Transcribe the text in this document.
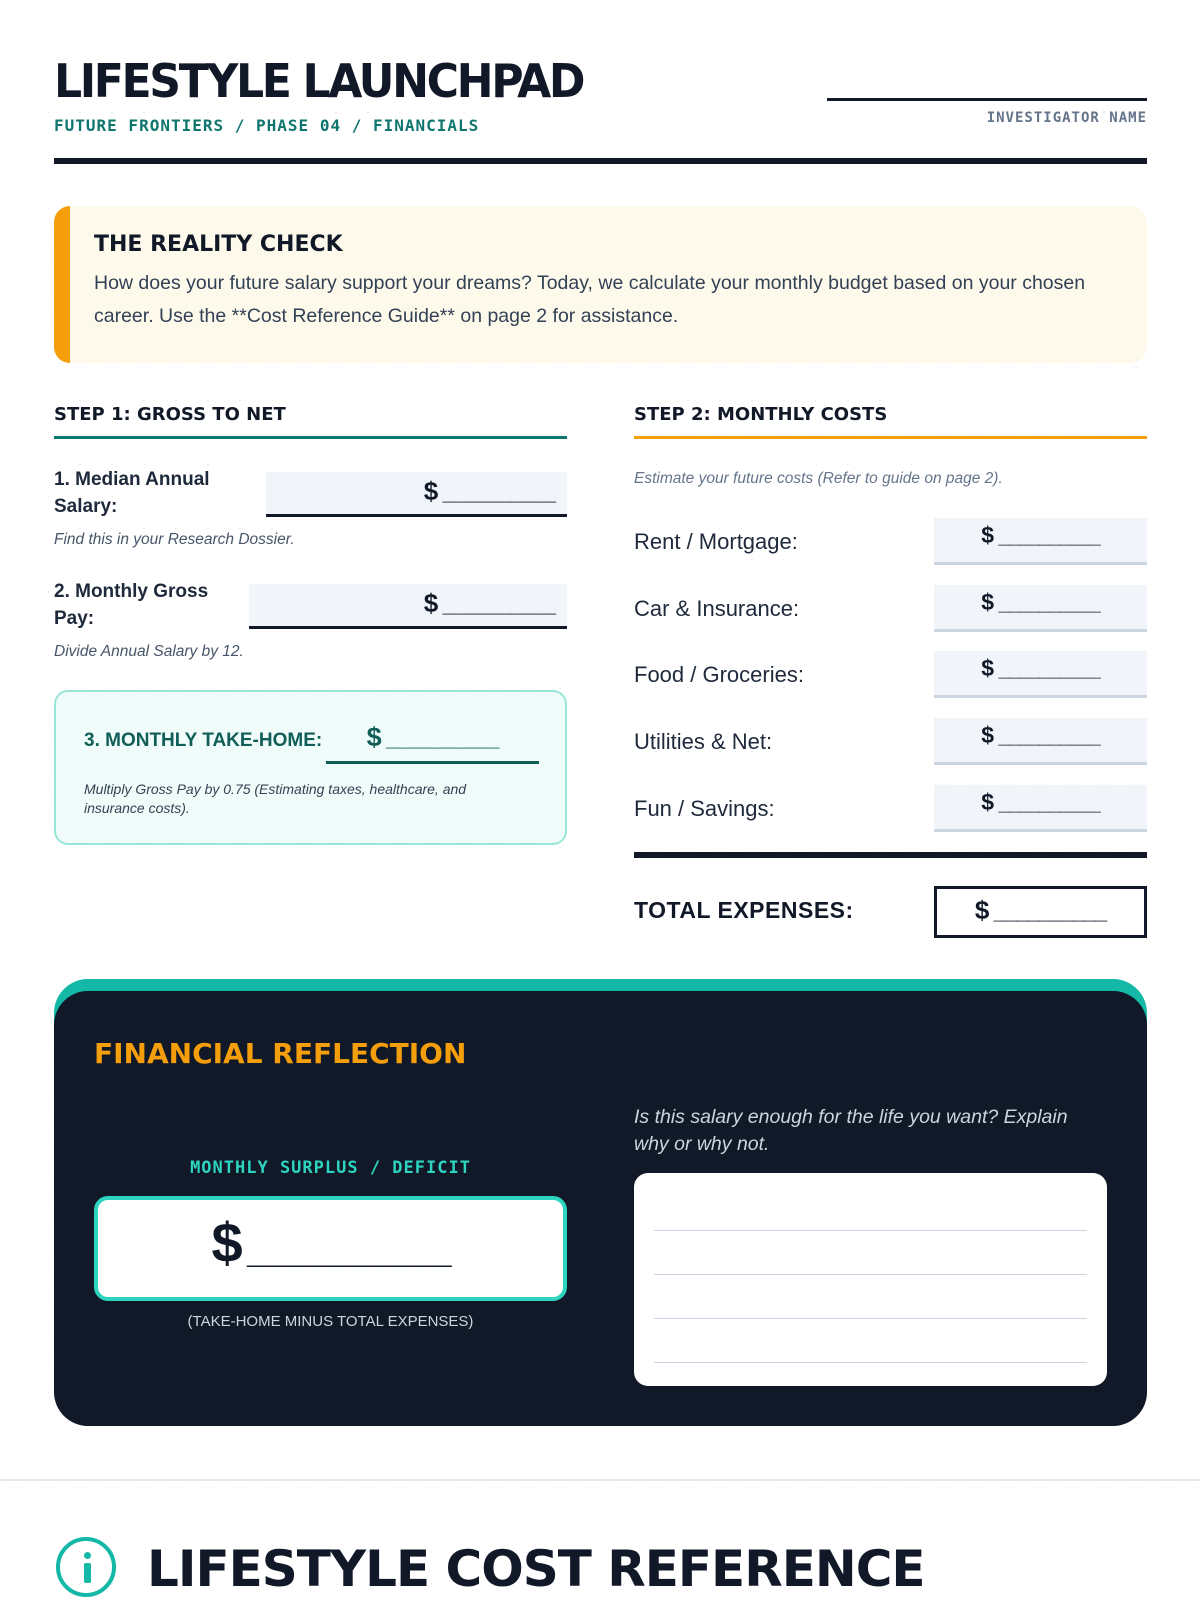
LIFESTYLE LAUNCHPAD
FUTURE FRONTIERS / PHASE 04 / FINANCIALS	INVESTIGATOR NAME
THE REALITY CHECK
How does your future salary support your dreams? Today, we calculate your monthly budget based on your chosen career. Use the **Cost Reference Guide** on page 2 for assistance.
STEP 1: GROSS TO NET
1. Median Annual Salary:
$ __________
Find this in your Research Dossier.
2. Monthly Gross Pay:
$ __________
Divide Annual Salary by 12.
3. MONTHLY TAKE-HOME:	$ __________
Multiply Gross Pay by 0.75 (Estimating taxes, healthcare, and insurance costs).
STEP 2: MONTHLY COSTS
Estimate your future costs (Refer to guide on page 2).
Rent / Mortgage:	$ __________
Car & Insurance:	$ __________
Food / Groceries:	$ __________
Utilities & Net:	$ __________
Fun / Savings:	$ __________
TOTAL EXPENSES:	$ __________
FINANCIAL REFLECTION
MONTHLY SURPLUS / DEFICIT
$ __________
(TAKE-HOME MINUS TOTAL EXPENSES)
Is this salary enough for the life you want? Explain why or why not.
LIFESTYLE COST REFERENCE
